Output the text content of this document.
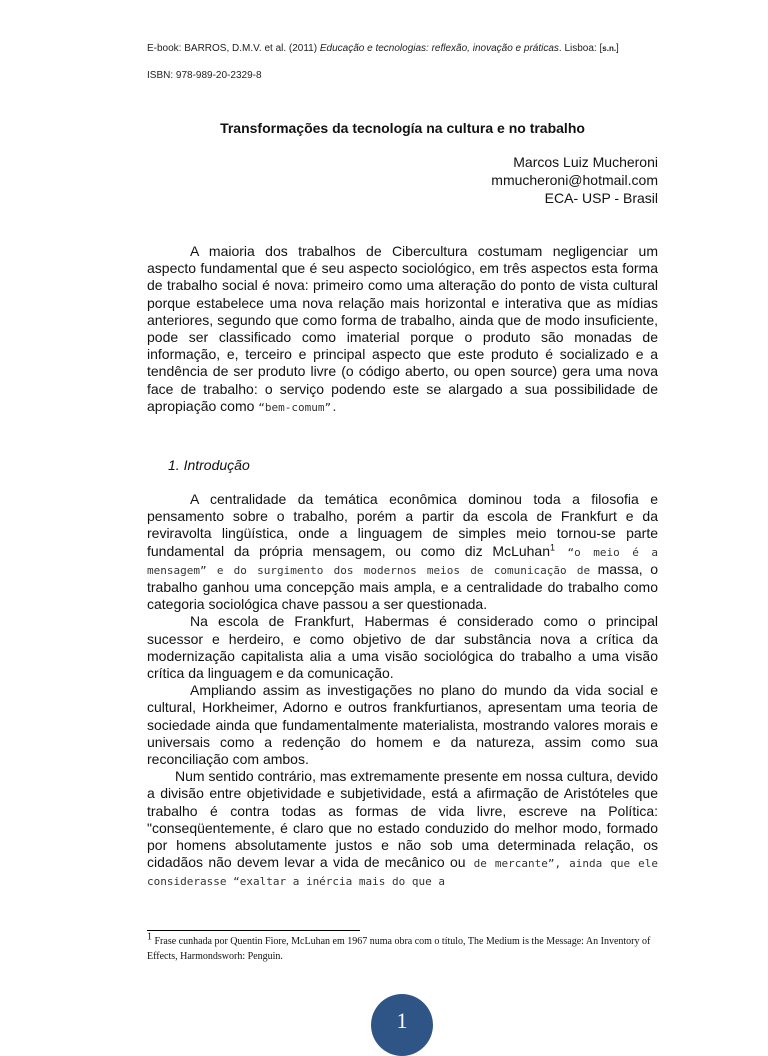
E-book: BARROS, D.M.V. et al. (2011) Educação e tecnologias: reflexão, inovação e práticas. Lisboa: [s.n.]
ISBN: 978-989-20-2329-8
Transformações da tecnología na cultura e no trabalho
Marcos Luiz Mucheroni
mmucheroni@hotmail.com
ECA- USP - Brasil

A maioria dos trabalhos de Cibercultura costumam negligenciar um aspecto fundamental que é seu aspecto sociológico, em três aspectos esta forma de trabalho social é nova: primeiro como uma alteração do ponto de vista cultural porque estabelece uma nova relação mais horizontal e interativa que as mídias anteriores, segundo que como forma de trabalho, ainda que de modo insuficiente, pode ser classificado como imaterial porque o produto são monadas de informação, e, terceiro e principal aspecto que este produto é socializado e a tendência de ser produto livre (o código aberto, ou open source) gera uma nova face de trabalho: o serviço podendo este se alargado a sua possibilidade de apropiação como “bem-comum”.

1. Introdução

A centralidade da temática econômica dominou toda a filosofia e pensamento sobre o trabalho, porém a partir da escola de Frankfurt e da reviravolta lingüística, onde a linguagem de simples meio tornou-se parte fundamental da própria mensagem, ou como diz McLuhan$^1$ “o meio é a mensagem” e do surgimento dos modernos meios de comunicação de massa, o trabalho ganhou uma concepção mais ampla, e a centralidade do trabalho como categoria sociológica chave passou a ser questionada.

Na escola de Frankfurt, Habermas é considerado como o principal sucessor e herdeiro, e como objetivo de dar substância nova a crítica da modernização capitalista alia a uma visão sociológica do trabalho a uma visão crítica da linguagem e da comunicação.

Ampliando assim as investigações no plano do mundo da vida social e cultural, Horkheimer, Adorno e outros frankfurtianos, apresentam uma teoria de sociedade ainda que fundamentalmente materialista, mostrando valores morais e universais como a redenção do homem e da natureza, assim como sua reconciliação com ambos.

Num sentido contrário, mas extremamente presente em nossa cultura, devido a divisão entre objetividade e subjetividade, está a afirmação de Aristóteles que trabalho é contra todas as formas de vida livre, escreve na Política: "conseqüentemente, é claro que no estado conduzido do melhor modo, formado por homens absolutamente justos e não sob uma determinada relação, os cidadãos não devem levar a vida de mecânico ou de mercante”, ainda que ele considerasse “exaltar a inércia mais do que a

$^1$ Frase cunhada por Quentin Fiore, McLuhan em 1967 numa obra com o título, The Medium is the Message: An Inventory of Effects, Harmondsworh: Penguin.
1
